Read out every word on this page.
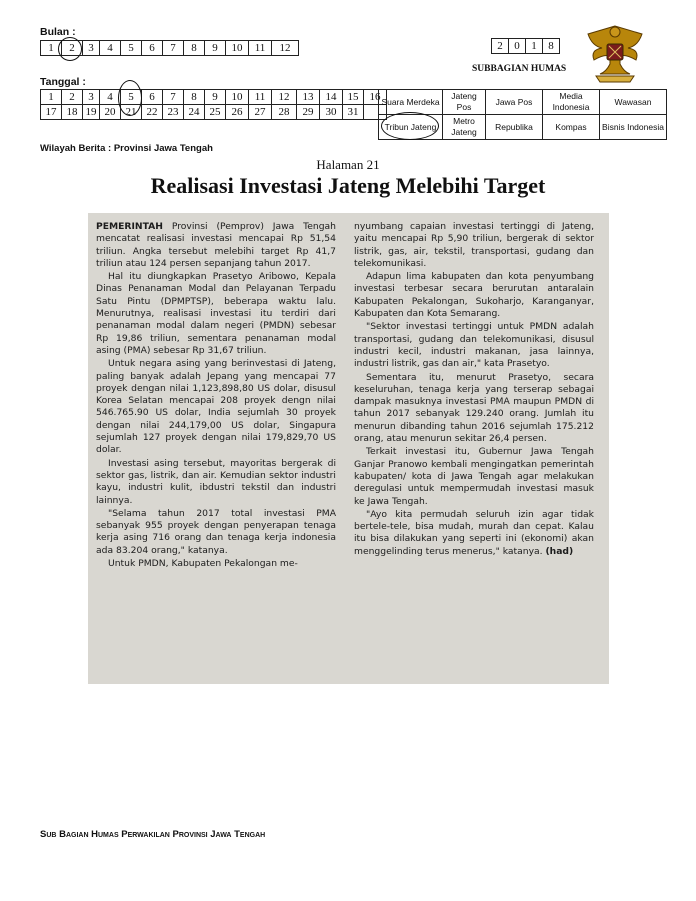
Bulan :
1	2	3	4	5	6	7	8	9	10	11	12
Tanggal :
1	2	3	4	5	6	7	8	9	10	11	12	13	14	15	16
17	18	19	20	21	22	23	24	25	26	27	28	29	30	31	
2	0	1	8
SUBBAGIAN HUMAS
Suara Merdeka	Jateng Pos	Jawa Pos	Media Indonesia	Wawasan
Tribun Jateng	Metro Jateng	Republika	Kompas	Bisnis Indonesia
Wilayah Berita : Provinsi Jawa Tengah
Halaman 21
Realisasi Investasi Jateng Melebihi Target

PEMERINTAH Provinsi (Pemprov) Jawa Tengah mencatat realisasi investasi mencapai Rp 51,54 triliun. Angka tersebut melebihi target Rp 41,7 triliun atau 124 persen sepanjang tahun 2017.

Hal itu diungkapkan Prasetyo Aribowo, Kepala Dinas Penanaman Modal dan Pelayanan Terpadu Satu Pintu (DPMPTSP), beberapa waktu lalu. Menurutnya, realisasi investasi itu terdiri dari penanaman modal dalam negeri (PMDN) sebesar Rp 19,86 triliun, sementara penanaman modal asing (PMA) sebesar Rp 31,67 triliun.

Untuk negara asing yang berinvestasi di Jateng, paling banyak adalah Jepang yang mencapai 77 proyek dengan nilai 1,123,898,80 US dolar, disusul Korea Selatan mencapai 208 proyek dengn nilai 546.765.90 US dolar, India sejumlah 30 proyek dengan nilai 244,179,00 US dolar, Singapura sejumlah 127 proyek dengan nilai 179,829,70 US dolar.

Investasi asing tersebut, mayoritas bergerak di sektor gas, listrik, dan air. Kemudian sektor industri kayu, industri kulit, ibdustri tekstil dan industri lainnya.

"Selama tahun 2017 total investasi PMA sebanyak 955 proyek dengan penyerapan tenaga kerja asing 716 orang dan tenaga kerja indonesia ada 83.204 orang," katanya.

Untuk PMDN, Kabupaten Pekalongan me-

nyumbang capaian investasi tertinggi di Jateng, yaitu mencapai Rp 5,90 triliun, bergerak di sektor listrik, gas, air, tekstil, transportasi, gudang dan telekomunikasi.

Adapun lima kabupaten dan kota penyumbang investasi terbesar secara berurutan antaralain Kabupaten Pekalongan, Sukoharjo, Karanganyar, Kabupaten dan Kota Semarang.

"Sektor investasi tertinggi untuk PMDN adalah transportasi, gudang dan telekomunikasi, disusul industri kecil, industri makanan, jasa lainnya, industri listrik, gas dan air," kata Prasetyo.

Sementara itu, menurut Prasetyo, secara keseluruhan, tenaga kerja yang terserap sebagai dampak masuknya investasi PMA maupun PMDN di tahun 2017 sebanyak 129.240 orang. Jumlah itu menurun dibanding tahun 2016 sejumlah 175.212 orang, atau menurun sekitar 26,4 persen.

Terkait investasi itu, Gubernur Jawa Tengah Ganjar Pranowo kembali mengingatkan pemerintah kabupaten/ kota di Jawa Tengah agar melakukan deregulasi untuk mempermudah investasi masuk ke Jawa Tengah.

"Ayo kita permudah seluruh izin agar tidak bertele-tele, bisa mudah, murah dan cepat. Kalau itu bisa dilakukan yang seperti ini (ekonomi) akan menggelinding terus menerus," katanya. (had)

Sub Bagian Humas Perwakilan Provinsi Jawa Tengah
